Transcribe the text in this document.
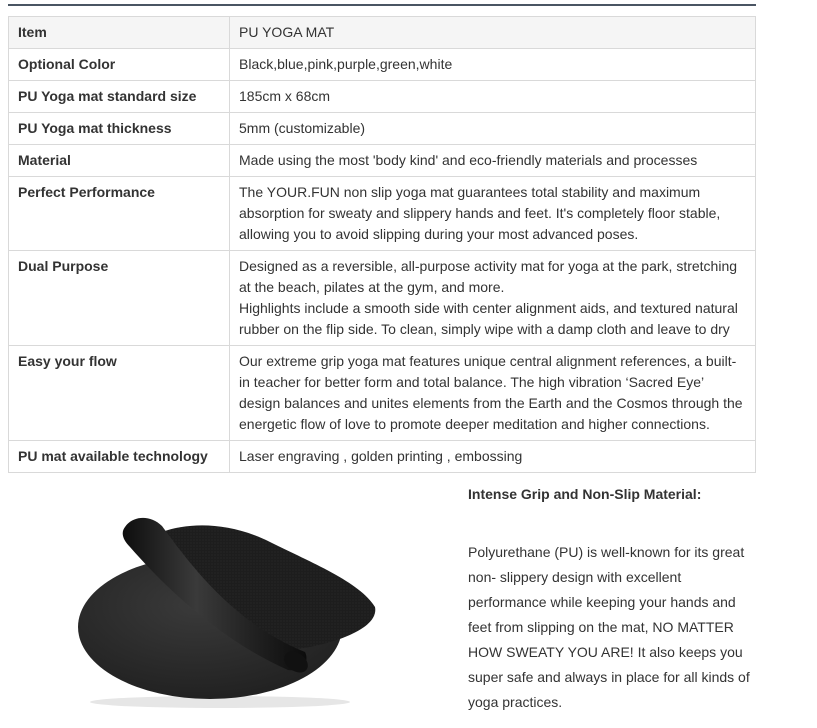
Item	PU YOGA MAT
Optional Color	Black,blue,pink,purple,green,white
PU Yoga mat standard size	185cm x 68cm
PU Yoga mat thickness	5mm (customizable)
Material	Made using the most 'body kind' and eco-friendly materials and processes
Perfect Performance	The YOUR.FUN non slip yoga mat guarantees total stability and maximum absorption for sweaty and slippery hands and feet. It's completely floor stable, allowing you to avoid slipping during your most advanced poses.
Dual Purpose	Designed as a reversible, all-purpose activity mat for yoga at the park, stretching at the beach, pilates at the gym, and more.
Highlights include a smooth side with center alignment aids, and textured natural rubber on the flip side. To clean, simply wipe with a damp cloth and leave to dry
Easy your flow	Our extreme grip yoga mat features unique central alignment references, a built-in teacher for better form and total balance. The high vibration ‘Sacred Eye’ design balances and unites elements from the Earth and the Cosmos through the energetic flow of love to promote deeper meditation and higher connections.
PU mat available technology	Laser engraving , golden printing , embossing

Intense Grip and Non-Slip Material:

Polyurethane (PU) is well-known for its great non- slippery design with excellent performance while keeping your hands and feet from slipping on the mat, NO MATTER HOW SWEATY YOU ARE! It also keeps you super safe and always in place for all kinds of yoga practices.
